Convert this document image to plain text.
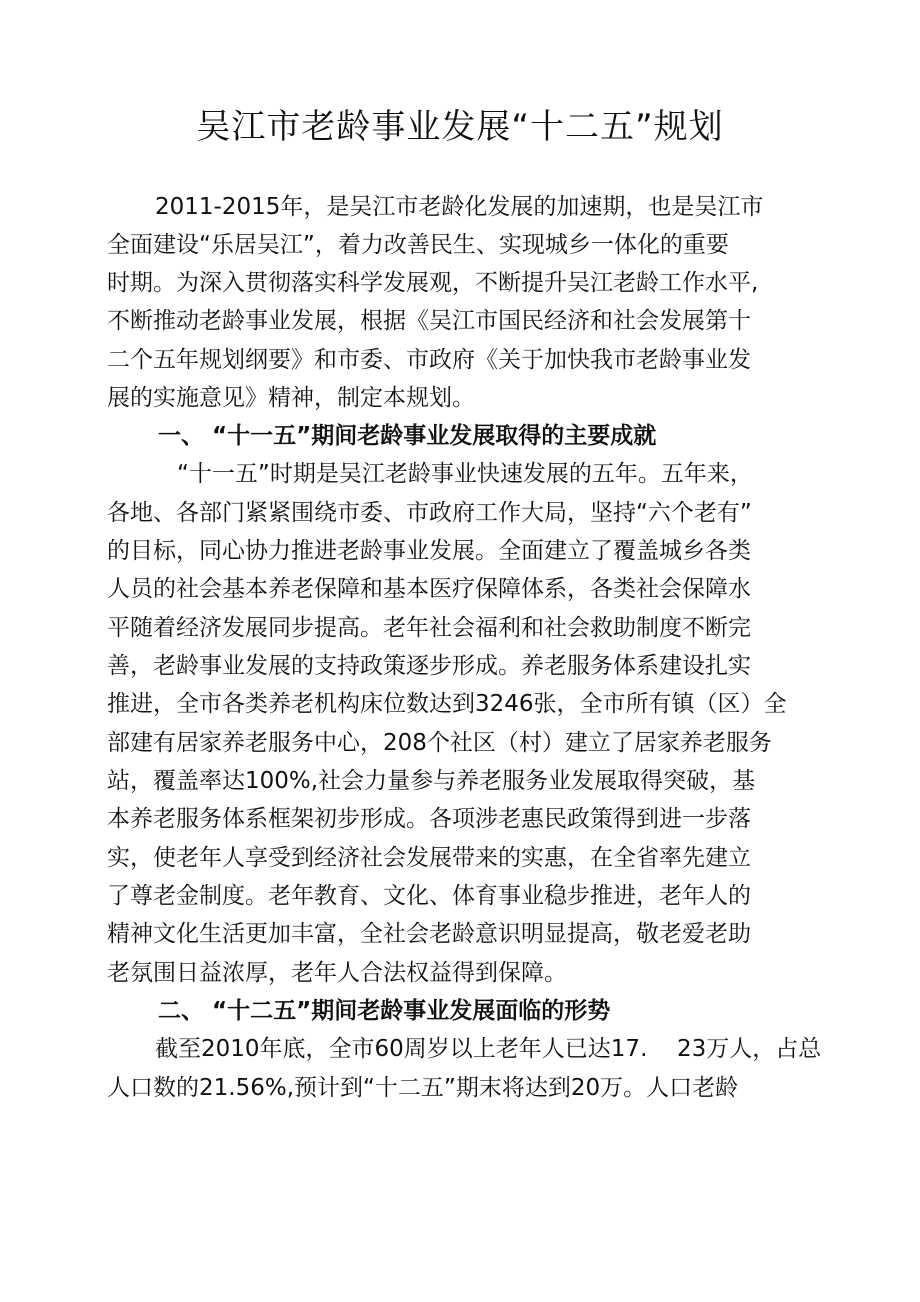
吴江市老龄事业发展“十二五”规划
2011-2015年，是吴江市老龄化发展的加速期，也是吴江市
全面建设“乐居吴江”，着力改善民生、实现城乡一体化的重要
时期。为深入贯彻落实科学发展观，不断提升吴江老龄工作水平,
不断推动老龄事业发展，根据《吴江市国民经济和社会发展第十
二个五年规划纲要》和市委、市政府《关于加快我市老龄事业发
展的实施意见》精神，制定本规划。
一、 “十一五”期间老龄事业发展取得的主要成就
“十一五”时期是吴江老龄事业快速发展的五年。五年来，
各地、各部门紧紧围绕市委、市政府工作大局，坚持“六个老有”
的目标，同心协力推进老龄事业发展。全面建立了覆盖城乡各类
人员的社会基本养老保障和基本医疗保障体系，各类社会保障水
平随着经济发展同步提高。老年社会福利和社会救助制度不断完
善，老龄事业发展的支持政策逐步形成。养老服务体系建设扎实
推进，全市各类养老机构床位数达到3246张，全市所有镇（区）全
部建有居家养老服务中心，208个社区（村）建立了居家养老服务
站，覆盖率达100%,社会力量参与养老服务业发展取得突破，基
本养老服务体系框架初步形成。各项涉老惠民政策得到进一步落
实，使老年人享受到经济社会发展带来的实惠，在全省率先建立
了尊老金制度。老年教育、文化、体育事业稳步推进，老年人的
精神文化生活更加丰富，全社会老龄意识明显提高，敬老爱老助
老氛围日益浓厚，老年人合法权益得到保障。
二、 “十二五”期间老龄事业发展面临的形势
截至2010年底，全市60周岁以上老年人已达17. 23万人，占总
人口数的21.56%,预计到“十二五”期末将达到20万。人口老龄
